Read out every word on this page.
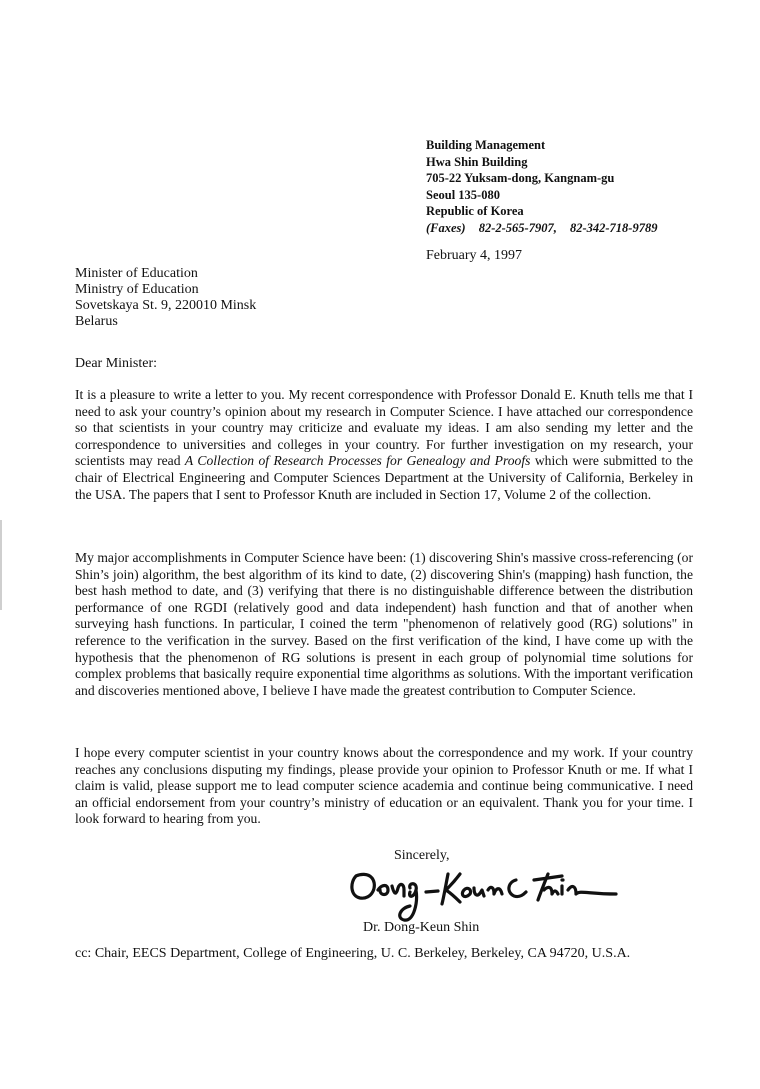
Building Management
Hwa Shin Building
705-22 Yuksam-dong, Kangnam-gu
Seoul 135-080
Republic of Korea
(Faxes) 82-2-565-7907, 82-342-718-9789
February 4, 1997
Minister of Education
Ministry of Education
Sovetskaya St. 9, 220010 Minsk
Belarus
Dear Minister:

It is a pleasure to write a letter to you. My recent correspondence with Professor Donald E. Knuth tells me that I need to ask your country’s opinion about my research in Computer Science. I have attached our correspondence so that scientists in your country may criticize and evaluate my ideas. I am also sending my letter and the correspondence to universities and colleges in your country. For further investigation on my research, your scientists may read A Collection of Research Processes for Genealogy and Proofs which were submitted to the chair of Electrical Engineering and Computer Sciences Department at the University of California, Berkeley in the USA. The papers that I sent to Professor Knuth are included in Section 17, Volume 2 of the collection.

My major accomplishments in Computer Science have been: (1) discovering Shin's massive cross-referencing (or Shin’s join) algorithm, the best algorithm of its kind to date, (2) discovering Shin's (mapping) hash function, the best hash method to date, and (3) verifying that there is no distinguishable difference between the distribution performance of one RGDI (relatively good and data independent) hash function and that of another when surveying hash functions. In particular, I coined the term "phenomenon of relatively good (RG) solutions" in reference to the verification in the survey. Based on the first verification of the kind, I have come up with the hypothesis that the phenomenon of RG solutions is present in each group of polynomial time solutions for complex problems that basically require exponential time algorithms as solutions. With the important verification and discoveries mentioned above, I believe I have made the greatest contribution to Computer Science.

I hope every computer scientist in your country knows about the correspondence and my work. If your country reaches any conclusions disputing my findings, please provide your opinion to Professor Knuth or me. If what I claim is valid, please support me to lead computer science academia and continue being communicative. I need an official endorsement from your country’s ministry of education or an equivalent. Thank you for your time. I look forward to hearing from you.

Sincerely,
Dr. Dong-Keun Shin
cc: Chair, EECS Department, College of Engineering, U. C. Berkeley, Berkeley, CA 94720, U.S.A.
